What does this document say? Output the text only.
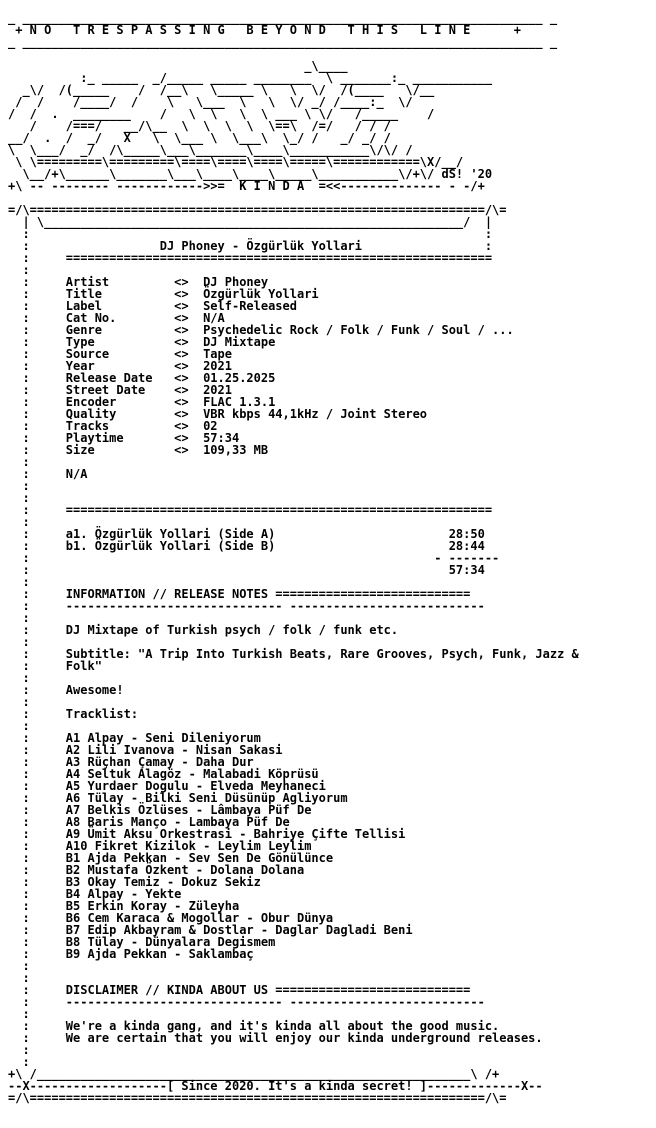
_ ________________________________________________________________________ _
+ N O   T R E S P A S S I N G   B E Y O N D   T H I S   L I N E      +
_ ________________________________________________________________________ _
_\____
:_ _____  _/_____ _____ ________  \ _______:_ ___________
_\/  /(_____    /  /__\   \_____ \   \  \/  /(____   \/__
/  /    /____/  /    \   \___  \   \  \/ _/ /____:_  \/
/  /  .  ________    /   \  \   \  \ ___ \ \/   /_____    /
/    /===/   __/\__  \  \  \  \  \==\  /=/   / / /
__/  .  /  _/   X   \  \___ \  \___\  \_/ /   _/ _/ /
\  \___/  _/  /\_____\___\_______\____\___________\/\/ /
\ \=========\=========\====\====\====\=====\============\X/__/
\__/+\______\_______\___\____\____\_____\___________\/+\/ dS! '20
+\ -- -------- ------------>>=  K I N D A  =<<-------------- - -/+
=/\===============================================================/\=
| \__________________________________________________________/  |
:                                                               :
:                  DJ Phoney - Özgürlük Yollari                 :
:     ===========================================================
:
:     Artist         <>  DJ Phoney
:     Title          <>  Özgürlük Yollari
:     Label          <>  Self-Released
:     Cat No.        <>  N/A
:     Genre          <>  Psychedelic Rock / Folk / Funk / Soul / ...
:     Type           <>  DJ Mixtape
:     Source         <>  Tape
:     Year           <>  2021
:     Release Date   <>  01.25.2025
:     Street Date    <>  2021
:     Encoder        <>  FLAC 1.3.1
:     Quality        <>  VBR kbps 44,1kHz / Joint Stereo
:     Tracks         <>  02
:     Playtime       <>  57:34
:     Size           <>  109,33 MB
:
:     N/A
:
:
:     ===========================================================
:
:     a1. Özgürlük Yollari (Side A)                        28:50
:     b1. Özgürlük Yollari (Side B)                        28:44
:                                                        - -------
:                                                          57:34
:
:     INFORMATION // RELEASE NOTES ===========================
:     ------------------------------ ---------------------------
:
:     DJ Mixtape of Turkish psych / folk / funk etc.
:
:     Subtitle: "A Trip Into Turkish Beats, Rare Grooves, Psych, Funk, Jazz &
:     Folk"
:
:     Awesome!
:
:     Tracklist:
:
:     A1 Alpay - Seni Dileniyorum
:     A2 Lili Ivanova - Nisan Sakasi
:     A3 Rüçhan Çamay - Daha Dur
:     A4 Seltuk Alagöz - Malabadi Köprüsü
:     A5 Yurdaer Dogulu - Elveda Meyhaneci
:     A6 Tülay - Bilki Seni Düsünüp Agliyorum
:     A7 Belkis Özlüses - Lâmbaya Püf De
:     A8 Baris Manço - Lambaya Püf De
:     A9 Ümit Aksu Orkestrasi - Bahriye Çifte Tellisi
:     A10 Fikret Kizilok - Leylim Leylim
:     B1 Ajda Pekkan - Sev Sen De Gönülünce
:     B2 Mustafa Özkent - Dolana Dolana
:     B3 Okay Temiz - Dokuz Sekiz
:     B4 Alpay - Yekte
:     B5 Erkin Koray - Züleyha
:     B6 Cem Karaca & Mogollar - Obur Dünya
:     B7 Edip Akbayram & Dostlar - Daglar Dagladi Beni
:     B8 Tülay - Dünyalara Degismem
:     B9 Ajda Pekkan - Saklambaç
:
:
:     DISCLAIMER // KINDA ABOUT US ===========================
:     ------------------------------ ---------------------------
:
:     We're a kinda gang, and it's kinda all about the good music.
:     We are certain that you will enjoy our kinda underground releases.
:
:
+\ /____________________________________________________________\ /+
--X-------------------[ Since 2020. It's a kinda secret! ]-------------X--
=/\===============================================================/\=
